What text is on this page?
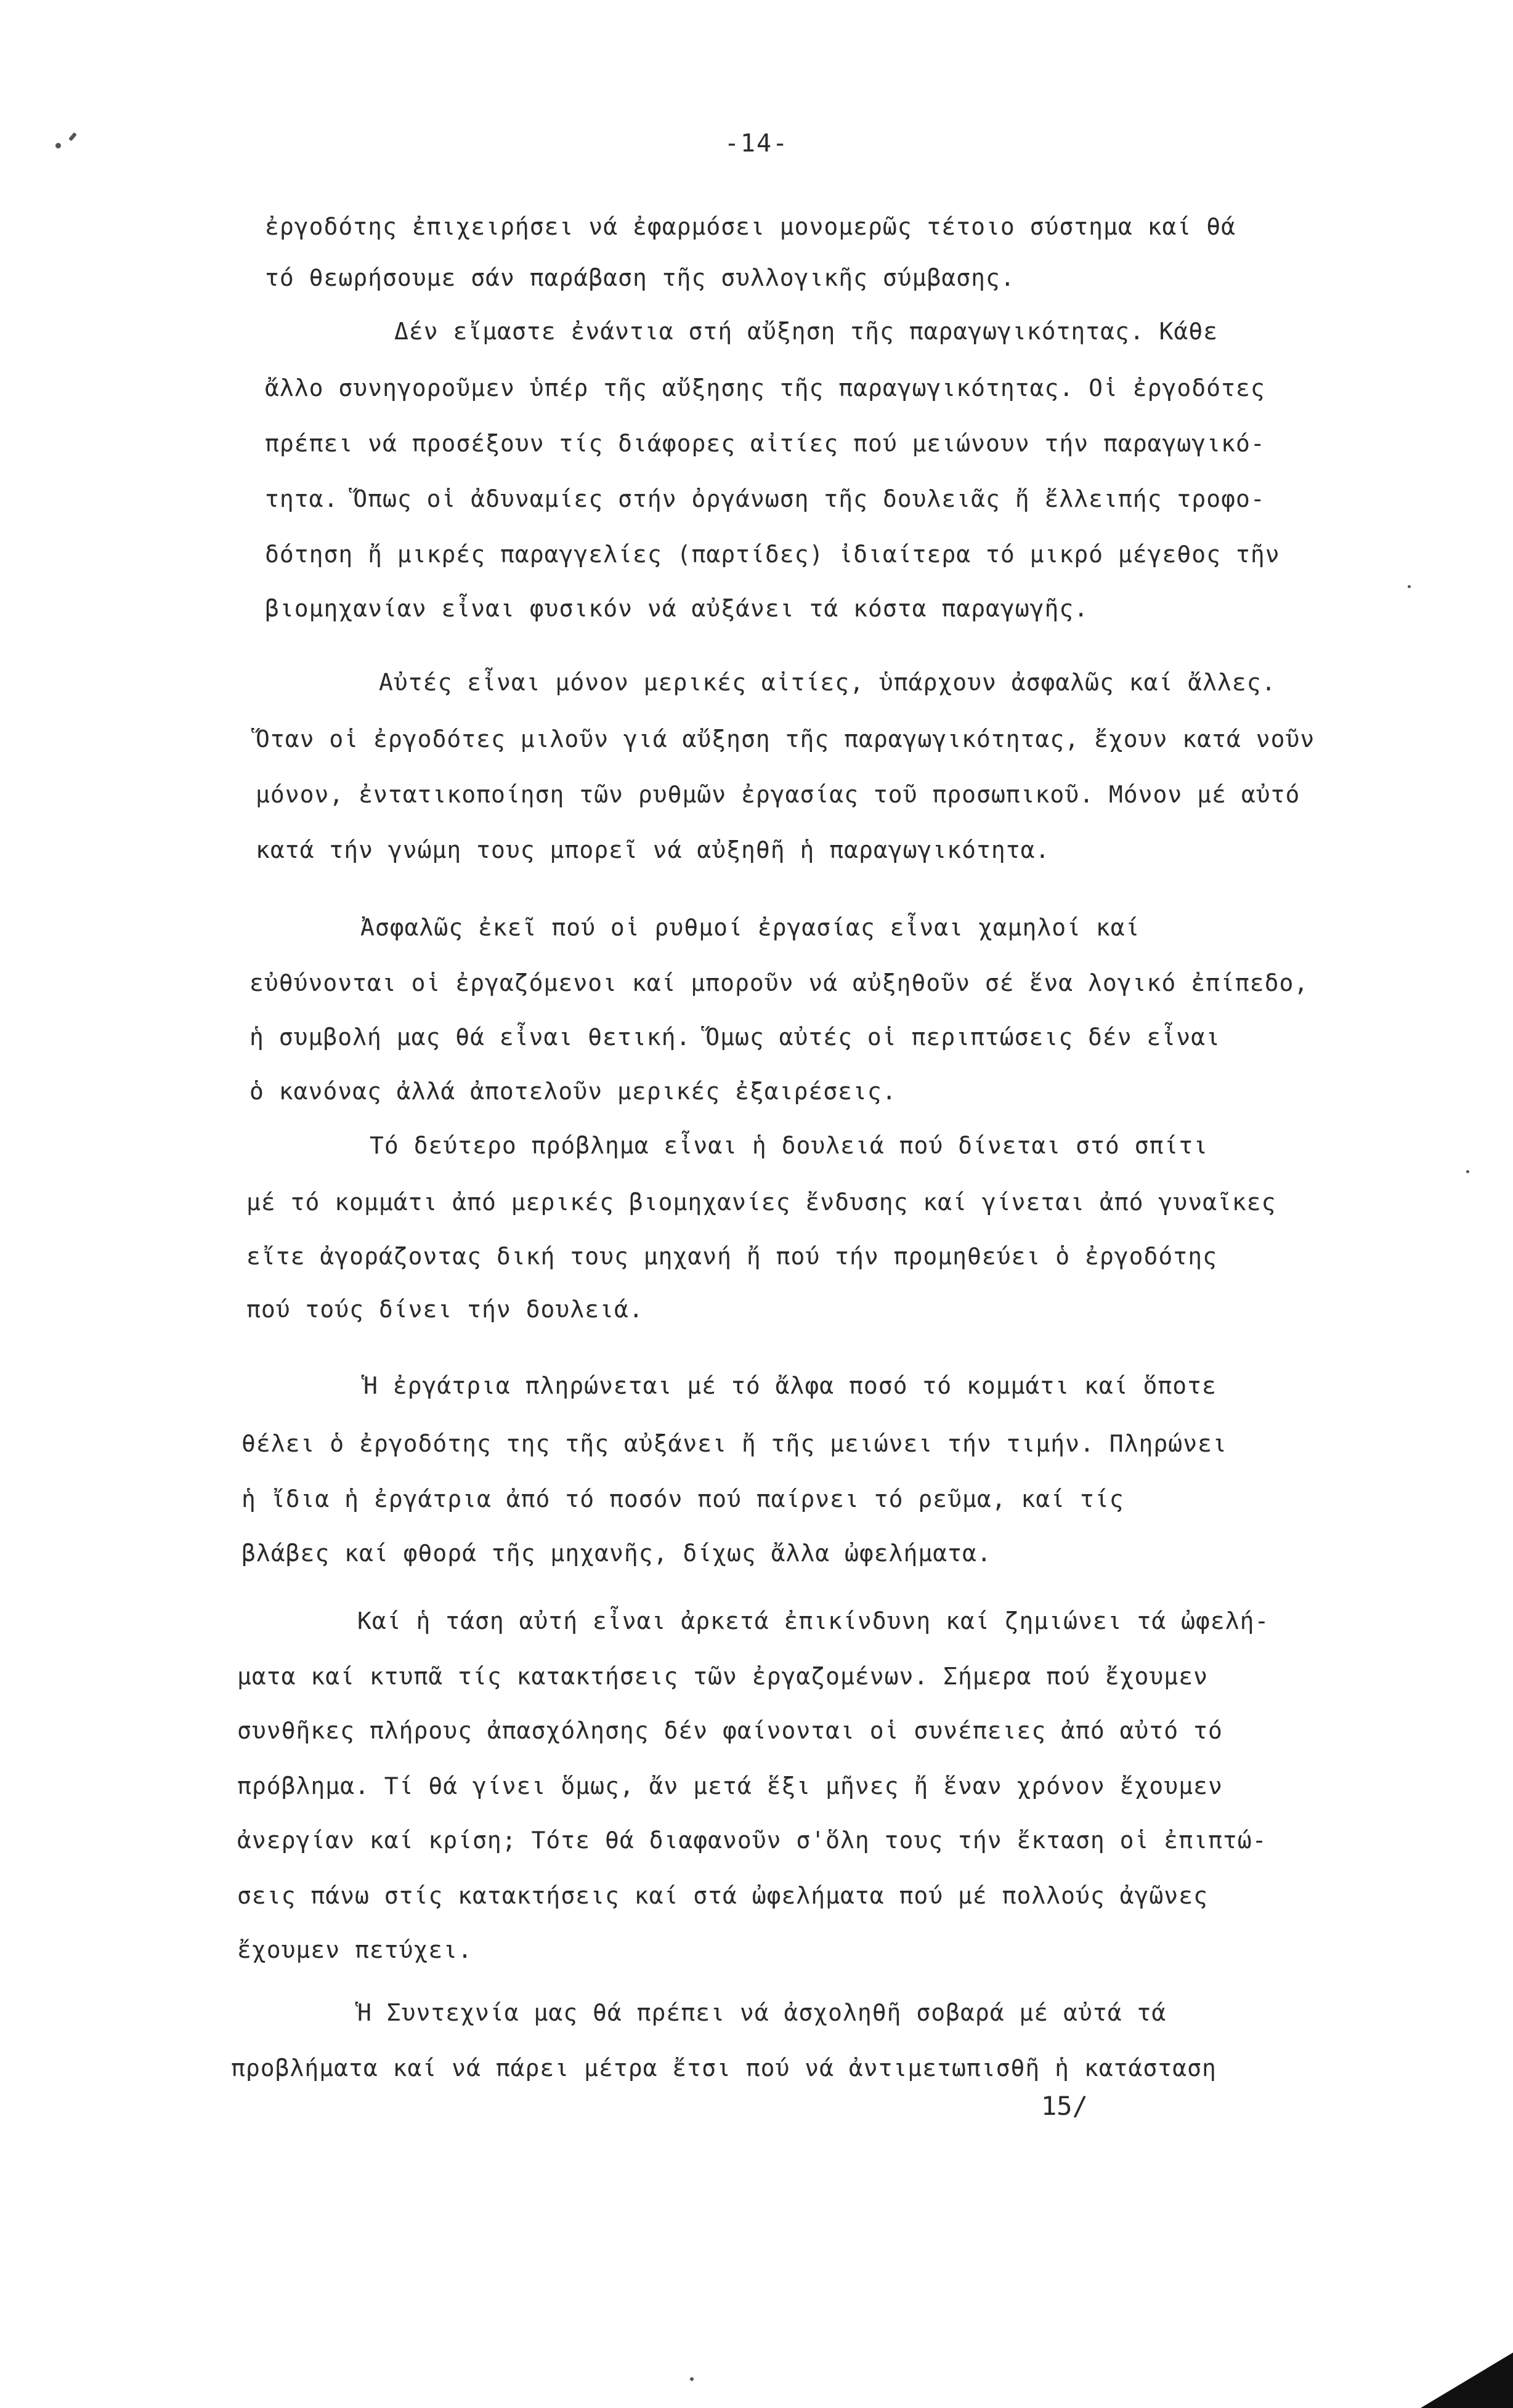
-14-
ἐργοδότης ἐπιχειρήσει νά ἐφαρμόσει μονομερῶς τέτοιο σύστημα καί θά
τό θεωρήσουμε σάν παράβαση τῆς συλλογικῆς σύμβασης.
Δέν εἴμαστε ἐνάντια στή αὔξηση τῆς παραγωγικότητας. Κάθε
ἄλλο συνηγοροῦμεν ὑπέρ τῆς αὔξησης τῆς παραγωγικότητας. Οἱ ἐργοδότες
πρέπει νά προσέξουν τίς διάφορες αἰτίες πού μειώνουν τήν παραγωγικό-
τητα. Ὅπως οἱ ἀδυναμίες στήν ὀργάνωση τῆς δουλειᾶς ἤ ἔλλειπής τροφο-
δότηση ἤ μικρές παραγγελίες (παρτίδες) ἰδιαίτερα τό μικρό μέγεθος τῆν
βιομηχανίαν εἶναι φυσικόν νά αὐξάνει τά κόστα παραγωγῆς.
Αὐτές εἶναι μόνον μερικές αἰτίες, ὑπάρχουν ἀσφαλῶς καί ἄλλες.
Ὅταν οἱ ἐργοδότες μιλοῦν γιά αὔξηση τῆς παραγωγικότητας, ἔχουν κατά νοῦν
μόνον, ἐντατικοποίηση τῶν ρυθμῶν ἐργασίας τοῦ προσωπικοῦ. Μόνον μέ αὐτό
κατά τήν γνώμη τους μπορεῖ νά αὐξηθῆ ἡ παραγωγικότητα.
Ἀσφαλῶς ἐκεῖ πού οἱ ρυθμοί ἐργασίας εἶναι χαμηλοί καί
εὐθύνονται οἱ ἐργαζόμενοι καί μποροῦν νά αὐξηθοῦν σέ ἕνα λογικό ἐπίπεδο,
ἡ συμβολή μας θά εἶναι θετική. Ὅμως αὐτές οἱ περιπτώσεις δέν εἶναι
ὁ κανόνας ἀλλά ἀποτελοῦν μερικές ἐξαιρέσεις.
Τό δεύτερο πρόβλημα εἶναι ἡ δουλειά πού δίνεται στό σπίτι
μέ τό κομμάτι ἀπό μερικές βιομηχανίες ἔνδυσης καί γίνεται ἀπό γυναῖκες
εἴτε ἀγοράζοντας δική τους μηχανή ἤ πού τήν προμηθεύει ὁ ἐργοδότης
πού τούς δίνει τήν δουλειά.
Ἡ ἐργάτρια πληρώνεται μέ τό ἄλφα ποσό τό κομμάτι καί ὅποτε
θέλει ὁ ἐργοδότης της τῆς αὐξάνει ἤ τῆς μειώνει τήν τιμήν. Πληρώνει
ἡ ἴδια ἡ ἐργάτρια ἀπό τό ποσόν πού παίρνει τό ρεῦμα, καί τίς
βλάβες καί φθορά τῆς μηχανῆς, δίχως ἄλλα ὠφελήματα.
Καί ἡ τάση αὐτή εἶναι ἀρκετά ἐπικίνδυνη καί ζημιώνει τά ὠφελή-
ματα καί κτυπᾶ τίς κατακτήσεις τῶν ἐργαζομένων. Σήμερα πού ἔχουμεν
συνθῆκες πλήρους ἀπασχόλησης δέν φαίνονται οἱ συνέπειες ἀπό αὐτό τό
πρόβλημα. Τί θά γίνει ὅμως, ἄν μετά ἕξι μῆνες ἤ ἕναν χρόνον ἔχουμεν
ἀνεργίαν καί κρίση; Τότε θά διαφανοῦν σ'ὅλη τους τήν ἔκταση οἱ ἐπιπτώ-
σεις πάνω στίς κατακτήσεις καί στά ὠφελήματα πού μέ πολλούς ἀγῶνες
ἔχουμεν πετύχει.
Ἡ Συντεχνία μας θά πρέπει νά ἀσχοληθῆ σοβαρά μέ αὐτά τά
προβλήματα καί νά πάρει μέτρα ἔτσι πού νά ἀντιμετωπισθῆ ἡ κατάσταση
15/
